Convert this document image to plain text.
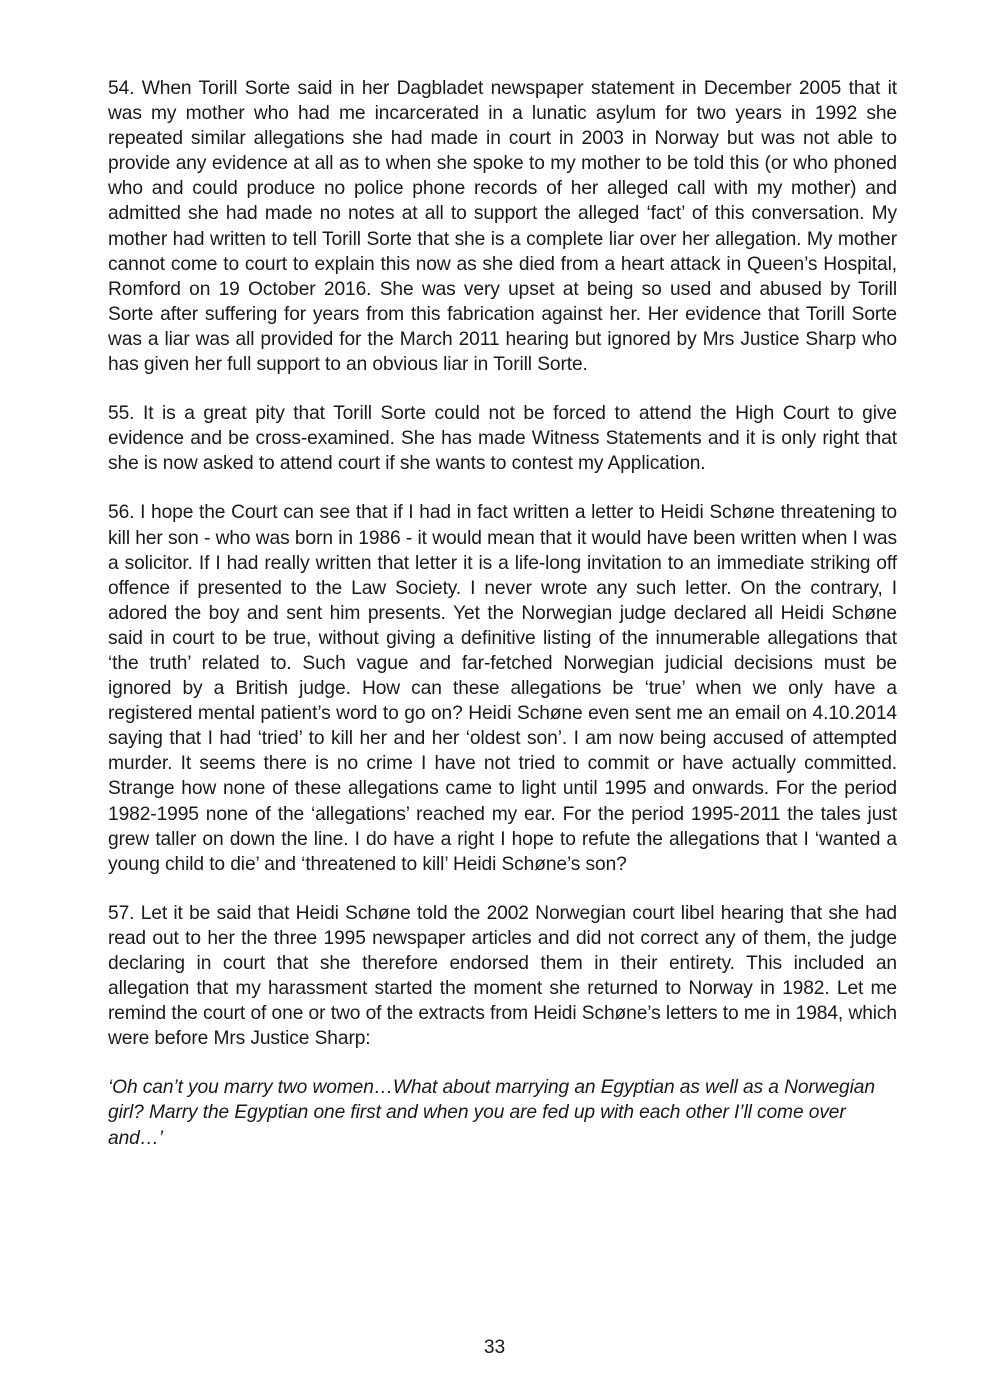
54. When Torill Sorte said in her Dagbladet newspaper statement in December 2005 that it was my mother who had me incarcerated in a lunatic asylum for two years in 1992 she repeated similar allegations she had made in court in 2003 in Norway but was not able to provide any evidence at all as to when she spoke to my mother to be told this (or who phoned who and could produce no police phone records of her alleged call with my mother) and admitted she had made no notes at all to support the alleged ‘fact’ of this conversation. My mother had written to tell Torill Sorte that she is a complete liar over her allegation. My mother cannot come to court to explain this now as she died from a heart attack in Queen’s Hospital, Romford on 19 October 2016. She was very upset at being so used and abused by Torill Sorte after suffering for years from this fabrication against her. Her evidence that Torill Sorte was a liar was all provided for the March 2011 hearing but ignored by Mrs Justice Sharp who has given her full support to an obvious liar in Torill Sorte.

55. It is a great pity that Torill Sorte could not be forced to attend the High Court to give evidence and be cross-examined. She has made Witness Statements and it is only right that she is now asked to attend court if she wants to contest my Application.

56. I hope the Court can see that if I had in fact written a letter to Heidi Schøne threatening to kill her son - who was born in 1986 - it would mean that it would have been written when I was a solicitor. If I had really written that letter it is a life-long invitation to an immediate striking off offence if presented to the Law Society. I never wrote any such letter. On the contrary, I adored the boy and sent him presents. Yet the Norwegian judge declared all Heidi Schøne said in court to be true, without giving a definitive listing of the innumerable allegations that ‘the truth’ related to. Such vague and far-fetched Norwegian judicial decisions must be ignored by a British judge. How can these allegations be ‘true’ when we only have a registered mental patient’s word to go on? Heidi Schøne even sent me an email on 4.10.2014 saying that I had ‘tried’ to kill her and her ‘oldest son’. I am now being accused of attempted murder. It seems there is no crime I have not tried to commit or have actually committed. Strange how none of these allegations came to light until 1995 and onwards. For the period 1982-1995 none of the ‘allegations’ reached my ear. For the period 1995-2011 the tales just grew taller on down the line. I do have a right I hope to refute the allegations that I ‘wanted a young child to die’ and ‘threatened to kill’ Heidi Schøne’s son?

57. Let it be said that Heidi Schøne told the 2002 Norwegian court libel hearing that she had read out to her the three 1995 newspaper articles and did not correct any of them, the judge declaring in court that she therefore endorsed them in their entirety. This included an allegation that my harassment started the moment she returned to Norway in 1982. Let me remind the court of one or two of the extracts from Heidi Schøne’s letters to me in 1984, which were before Mrs Justice Sharp:

‘Oh can’t you marry two women…What about marrying an Egyptian as well as a Norwegian girl? Marry the Egyptian one first and when you are fed up with each other I’ll come over and…’

33
